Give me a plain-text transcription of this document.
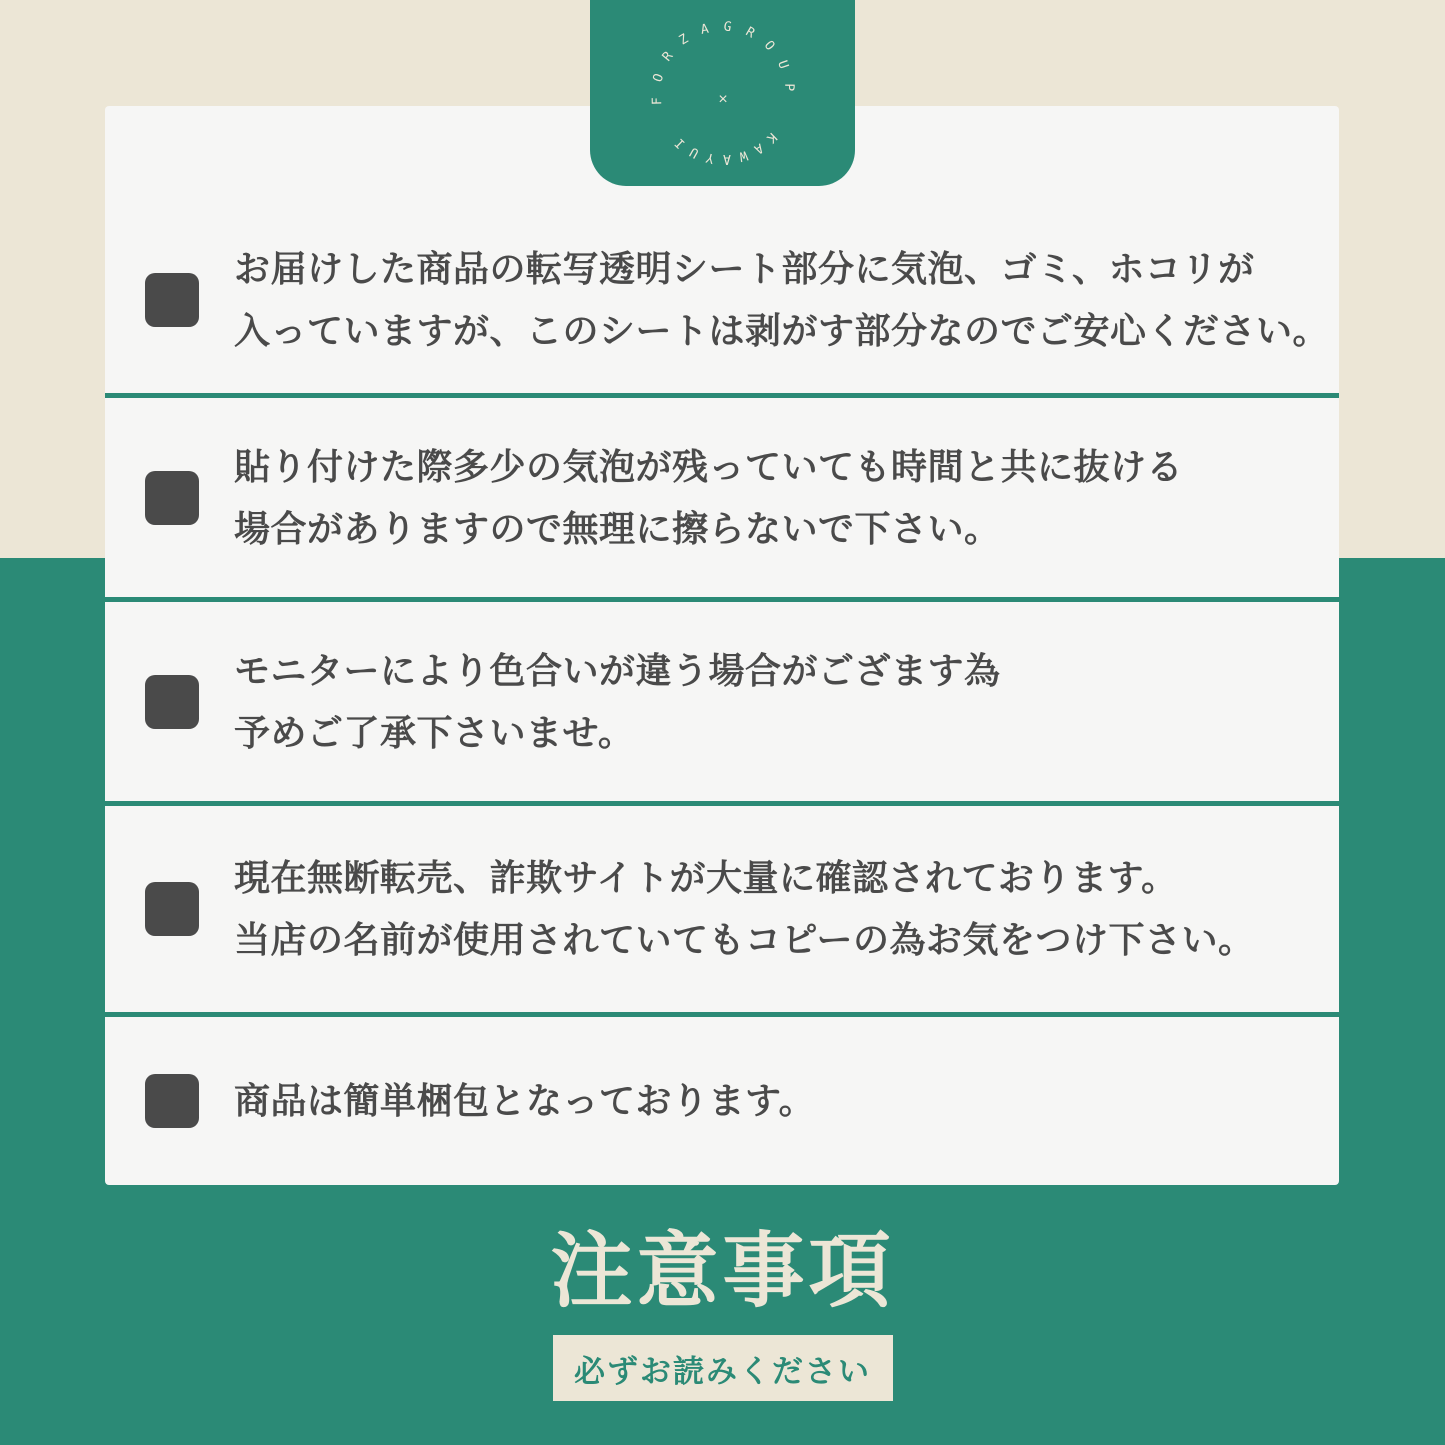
FORZAGROUP
KAWAYUI
×
お届けした商品の転写透明シート部分に気泡、ゴミ、ホコリが
入っていますが、このシートは剥がす部分なのでご安心ください。
貼り付けた際多少の気泡が残っていても時間と共に抜ける
場合がありますので無理に擦らないで下さい。
モニターにより色合いが違う場合がござます為
予めご了承下さいませ。
現在無断転売、詐欺サイトが大量に確認されております。
当店の名前が使用されていてもコピーの為お気をつけ下さい。
商品は簡単梱包となっております。
注意事項
必ずお読みください
